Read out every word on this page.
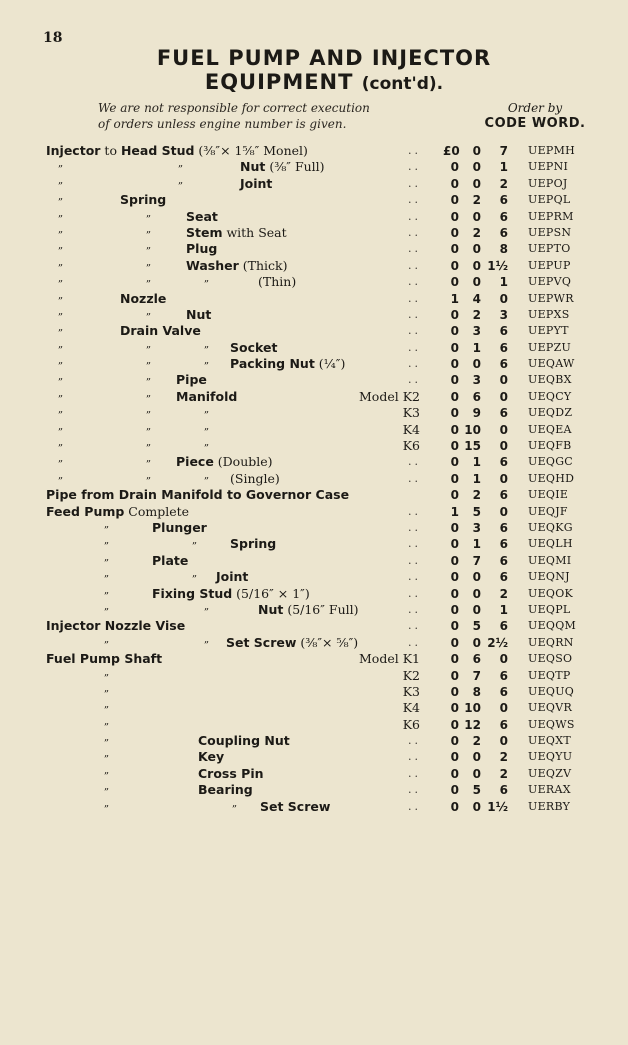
18
FUEL PUMP AND INJECTOR
EQUIPMENT (cont'd).
We are not responsible for correct execution
of orders unless engine number is given.
Order by
CODE WORD.
Injector to Head Stud (⅜″× 1⅝″ Monel)	.. £0	0	7 UEPMH
„	„	Nut (⅜″ Full)	..	0	0	1 UEPNI
„	„	Joint	..	0	0	2 UEPOJ
„	Spring	..	0	2	6 UEPQL
„	„	Seat	..	0	0	6 UEPRM
„	„	Stem with Seat	..	0	2	6 UEPSN
„	„	Plug	..	0	0	8 UEPTO
„	„	Washer (Thick)	..	0	0 1½ UEPUP
„	„	„	(Thin)	..	0	0	1 UEPVQ
„	Nozzle	..	1	4	0 UEPWR
„	„	Nut	..	0	2	3 UEPXS
„	Drain Valve	..	0	3	6 UEPYT
„	„	„ Socket	..	0	1	6 UEPZU
„	„	„ Packing Nut (¼″)	..	0	0	6 UEQAW
„	„ Pipe	..	0	3	0 UEQBX
„	„ Manifold	Model K2	0	6	0 UEQCY
„	„	„	K3	0	9	6 UEQDZ
„	„	„	K4	0 10	0 UEQEA
„	„	„	K6	0 15	0 UEQFB
„	„ Piece (Double)	..	0	1	6 UEQGC
„	„	„ (Single)	..	0	1	0 UEQHD
Pipe from Drain Manifold to Governor Case	0	2	6 UEQIE
Feed Pump Complete	..	1	5	0 UEQJF
„	Plunger	..	0	3	6 UEQKG
„	„	Spring	..	0	1	6 UEQLH
„	Plate	..	0	7	6 UEQMI
„	„ Joint	..	0	0	6 UEQNJ
„	Fixing Stud (5/16″ × 1″)	..	0	0	2 UEQOK
„	„	Nut (5/16″ Full)	..	0	0	1 UEQPL
Injector Nozzle Vise	..	0	5	6 UEQQM
„	„ Set Screw (⅜″× ⅝″)	..	0	0 2½ UEQRN
Fuel Pump Shaft	Model K1	0	6	0 UEQSO
„	K2	0	7	6 UEQTP
„	K3	0	8	6 UEQUQ
„	K4	0 10	0 UEQVR
„	K6	0 12	6 UEQWS
„	Coupling Nut	..	0	2	0 UEQXT
„	Key	..	0	0	2 UEQYU
„	Cross Pin	..	0	0	2 UEQZV
„	Bearing	..	0	5	6 UERAX
„	„ Set Screw	..	0	0 1½ UERBY
